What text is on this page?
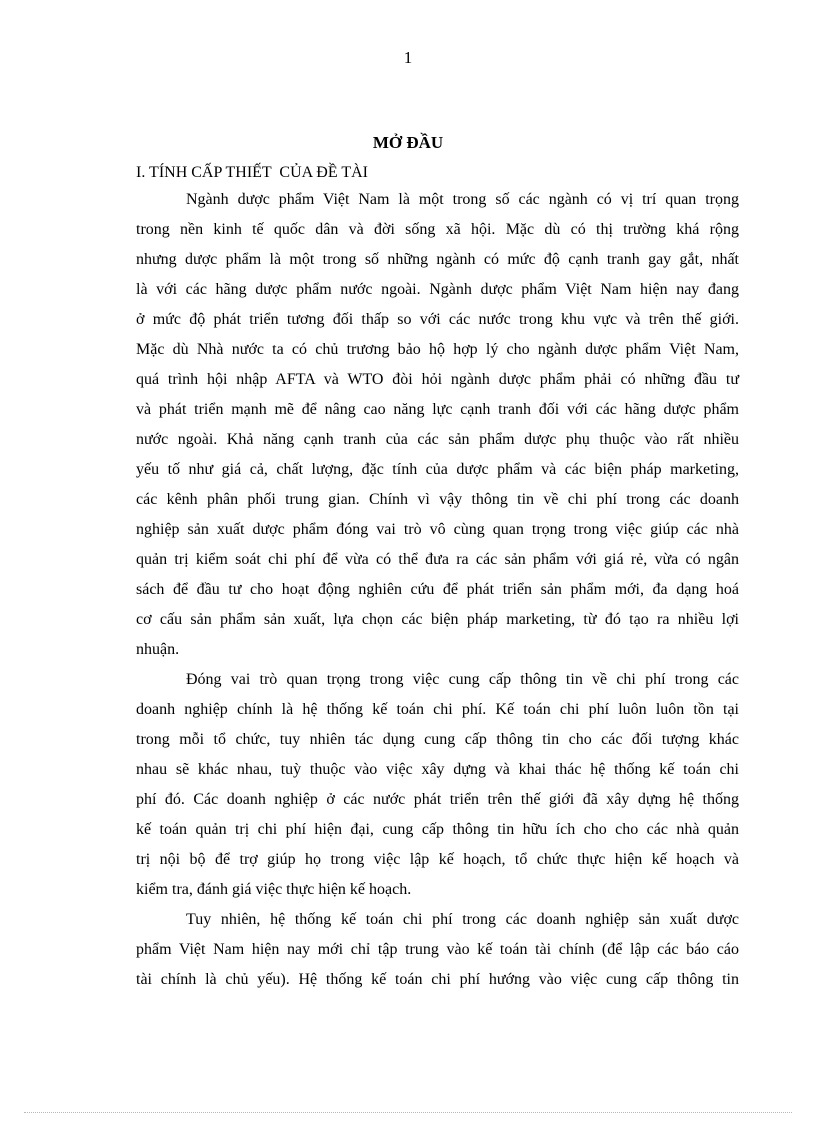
1
MỞ ĐẦU
I. TÍNH CẤP THIẾT  CỦA ĐỀ TÀI
Ngành dược phẩm Việt Nam là một trong số các ngành có vị trí quan trọng
trong nền kinh tế quốc dân và đời sống xã hội. Mặc dù có thị trường khá rộng
nhưng dược phẩm là một trong số những ngành có mức độ cạnh tranh gay gắt, nhất
là với các hãng dược phẩm nước ngoài. Ngành dược phẩm Việt Nam hiện nay đang
ở mức độ phát triển tương đối thấp so với các nước trong khu vực và trên thế giới.
Mặc dù Nhà nước ta có chủ trương bảo hộ hợp lý cho ngành dược phẩm Việt Nam,
quá trình hội nhập AFTA và WTO đòi hỏi ngành dược phẩm phải có những đầu tư
và phát triển mạnh mẽ để nâng cao năng lực cạnh tranh đối với các hãng dược phẩm
nước ngoài. Khả năng cạnh tranh của các sản phẩm dược phụ thuộc vào rất nhiều
yếu tố như giá cả, chất lượng, đặc tính của dược phẩm và các biện pháp marketing,
các kênh phân phối trung gian. Chính vì vậy thông tin về chi phí trong các doanh
nghiệp sản xuất dược phẩm đóng vai trò vô cùng quan trọng trong việc giúp các nhà
quản trị kiểm soát chi phí để vừa có thể đưa ra các sản phẩm với giá rẻ, vừa có ngân
sách để đầu tư cho hoạt động nghiên cứu để phát triển sản phẩm mới, đa dạng hoá
cơ cấu sản phẩm sản xuất, lựa chọn các biện pháp marketing, từ đó tạo ra nhiều lợi
nhuận.
Đóng vai trò quan trọng trong việc cung cấp thông tin về chi phí trong các
doanh nghiệp chính là hệ thống kế toán chi phí. Kế toán chi phí luôn luôn tồn tại
trong mỗi tổ chức, tuy nhiên tác dụng cung cấp thông tin cho các đối tượng khác
nhau sẽ khác nhau, tuỳ thuộc vào việc xây dựng và khai thác hệ thống kế toán chi
phí đó. Các doanh nghiệp ở các nước phát triển trên thế giới đã xây dựng hệ thống
kế toán quản trị chi phí hiện đại, cung cấp thông tin hữu ích cho cho các nhà quản
trị nội bộ để trợ giúp họ trong việc lập kế hoạch, tổ chức thực hiện kế hoạch và
kiểm tra, đánh giá việc thực hiện kế hoạch.
Tuy nhiên, hệ thống kế toán chi phí trong các doanh nghiệp sản xuất dược
phẩm Việt Nam hiện nay mới chỉ tập trung vào kế toán tài chính (để lập các báo cáo
tài chính là chủ yếu). Hệ thống kế toán chi phí hướng vào việc cung cấp thông tin
